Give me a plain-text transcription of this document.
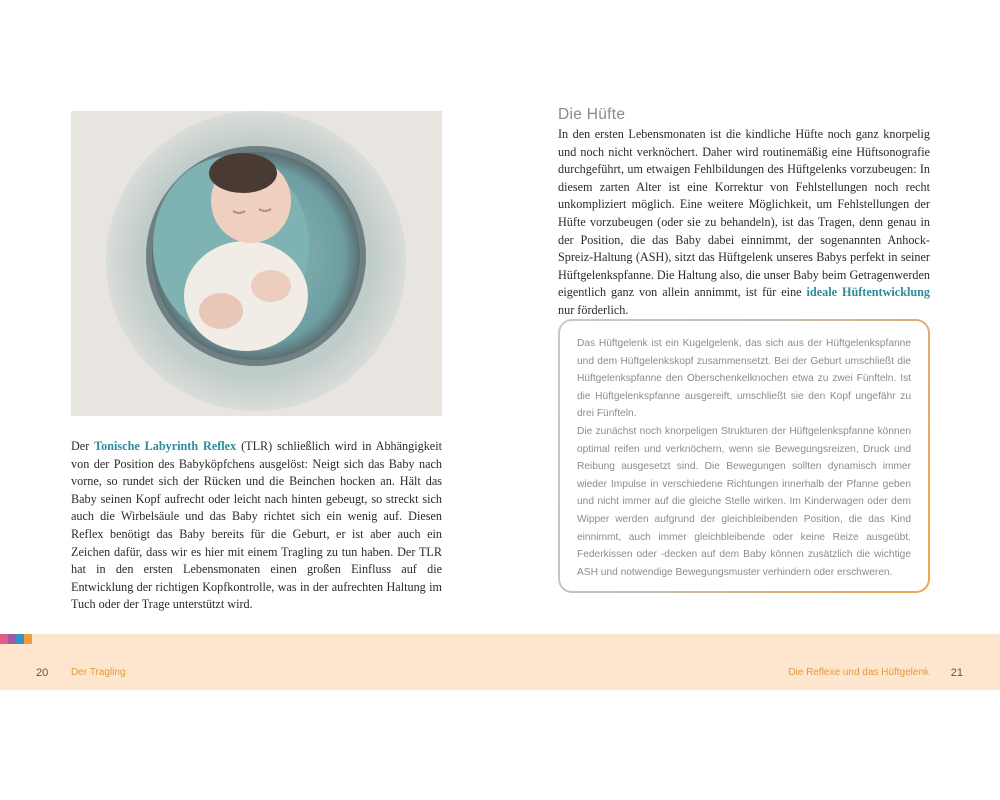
Der Tonische Labyrinth Reflex (TLR) schließlich wird in Abhängigkeit von der Position des Babyköpfchens ausgelöst: Neigt sich das Baby nach vorne, so rundet sich der Rücken und die Beinchen hocken an. Hält das Baby seinen Kopf aufrecht oder leicht nach hinten gebeugt, so streckt sich auch die Wirbelsäule und das Baby richtet sich ein wenig auf. Diesen Reflex benötigt das Baby bereits für die Geburt, er ist aber auch ein Zeichen dafür, dass wir es hier mit einem Tragling zu tun haben. Der TLR hat in den ersten Lebensmonaten einen großen Einfluss auf die Entwicklung der richtigen Kopfkontrolle, was in der aufrechten Haltung im Tuch oder der Trage unterstützt wird.
Die Hüfte
In den ersten Lebensmonaten ist die kindliche Hüfte noch ganz knorpelig und noch nicht verknöchert. Daher wird routinemäßig eine Hüftsonografie durchgeführt, um etwaigen Fehlbildungen des Hüftgelenks vorzubeugen: In diesem zarten Alter ist eine Korrektur von Fehlstellungen noch recht unkompliziert möglich. Eine weitere Möglichkeit, um Fehlstellungen der Hüfte vorzubeugen (oder sie zu behandeln), ist das Tragen, denn genau in der Position, die das Baby dabei einnimmt, der sogenannten Anhock-Spreiz-Haltung (ASH), sitzt das Hüftgelenk unseres Babys perfekt in seiner Hüftgelenkspfanne. Die Haltung also, die unser Baby beim Getragenwerden eigentlich ganz von allein annimmt, ist für eine ideale Hüftentwicklung nur förderlich.

Das Hüftgelenk ist ein Kugelgelenk, das sich aus der Hüftgelenkspfanne und dem Hüftgelenkskopf zusammensetzt. Bei der Geburt umschließt die Hüftgelenkspfanne den Oberschenkelknochen etwa zu zwei Fünfteln. Ist die Hüftgelenkspfanne ausgereift, umschließt sie den Kopf ungefähr zu drei Fünfteln.

Die zunächst noch knorpeligen Strukturen der Hüftgelenkspfanne können optimal reifen und verknöchern, wenn sie Bewegungsreizen, Druck und Reibung ausgesetzt sind. Die Bewegungen sollten dynamisch immer wieder Impulse in verschiedene Richtungen innerhalb der Pfanne geben und nicht immer auf die gleiche Stelle wirken. Im Kinderwagen oder dem Wipper werden aufgrund der gleichbleibenden Position, die das Kind einnimmt, auch immer gleichbleibende oder keine Reize ausgeübt. Federkissen oder -decken auf dem Baby können zusätzlich die wichtige ASH und notwendige Bewegungsmuster verhindern oder erschweren.

20 Der Tragling	Die Reflexe und das Hüftgelenk 21
